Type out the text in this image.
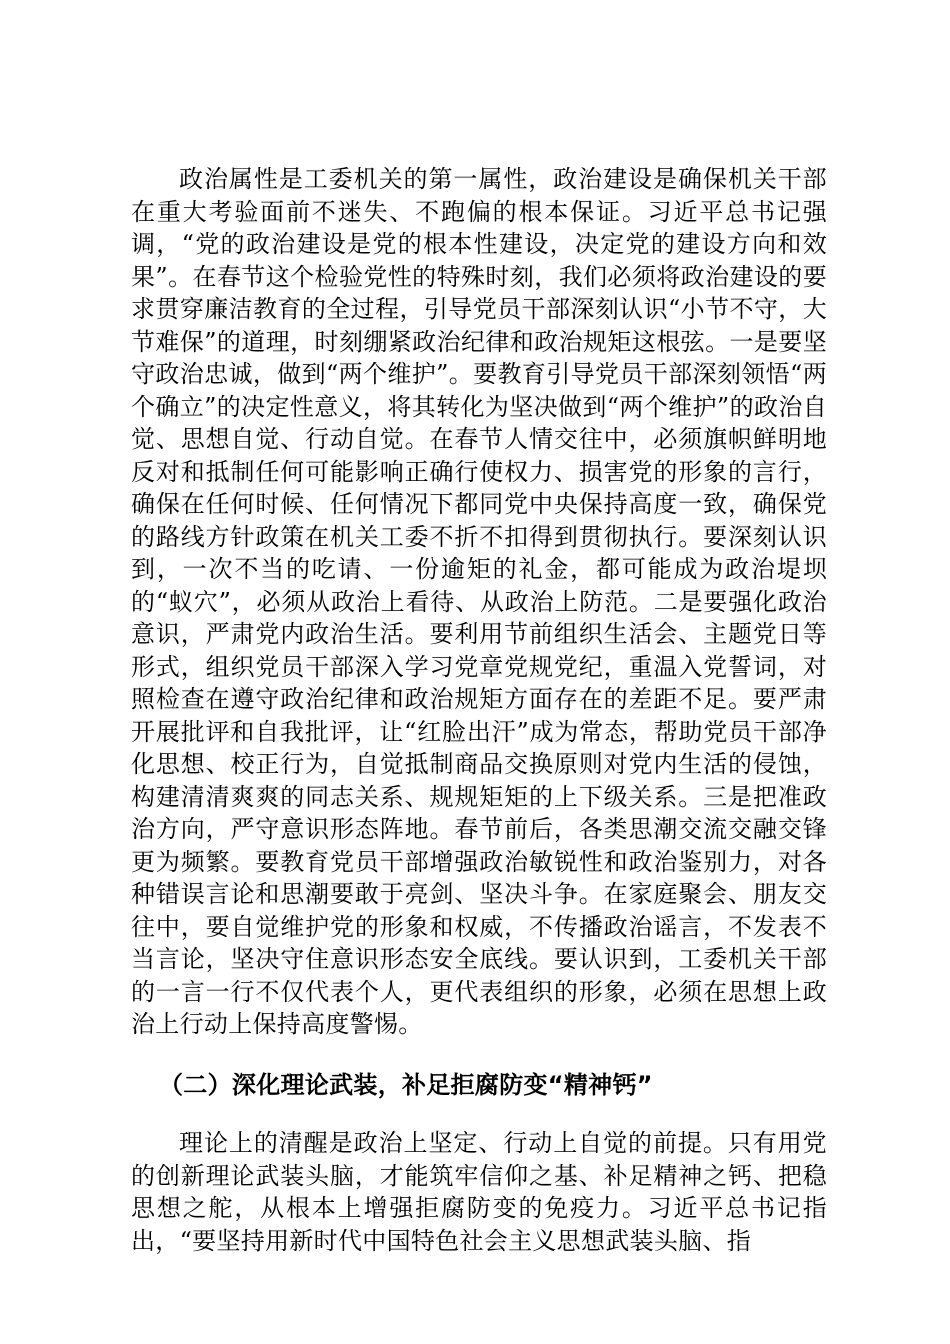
政治属性是工委机关的第一属性，政治建设是确保机关干部在重大考验面前不迷失、不跑偏的根本保证。习近平总书记强调，“党的政治建设是党的根本性建设，决定党的建设方向和效果”。在春节这个检验党性的特殊时刻，我们必须将政治建设的要求贯穿廉洁教育的全过程，引导党员干部深刻认识“小节不守，大节难保”的道理，时刻绷紧政治纪律和政治规矩这根弦。一是要坚守政治忠诚，做到“两个维护”。要教育引导党员干部深刻领悟“两个确立”的决定性意义，将其转化为坚决做到“两个维护”的政治自觉、思想自觉、行动自觉。在春节人情交往中，必须旗帜鲜明地反对和抵制任何可能影响正确行使权力、损害党的形象的言行，确保在任何时候、任何情况下都同党中央保持高度一致，确保党的路线方针政策在机关工委不折不扣得到贯彻执行。要深刻认识到，一次不当的吃请、一份逾矩的礼金，都可能成为政治堤坝的“蚁穴”，必须从政治上看待、从政治上防范。二是要强化政治意识，严肃党内政治生活。要利用节前组织生活会、主题党日等形式，组织党员干部深入学习党章党规党纪，重温入党誓词，对照检查在遵守政治纪律和政治规矩方面存在的差距不足。要严肃开展批评和自我批评，让“红脸出汗”成为常态，帮助党员干部净化思想、校正行为，自觉抵制商品交换原则对党内生活的侵蚀，构建清清爽爽的同志关系、规规矩矩的上下级关系。三是把准政治方向，严守意识形态阵地。春节前后，各类思潮交流交融交锋更为频繁。要教育党员干部增强政治敏锐性和政治鉴别力，对各种错误言论和思潮要敢于亮剑、坚决斗争。在家庭聚会、朋友交往中，要自觉维护党的形象和权威，不传播政治谣言，不发表不当言论，坚决守住意识形态安全底线。要认识到，工委机关干部的一言一行不仅代表个人，更代表组织的形象，必须在思想上政治上行动上保持高度警惕。

（二）深化理论武装，补足拒腐防变“精神钙”

理论上的清醒是政治上坚定、行动上自觉的前提。只有用党的创新理论武装头脑，才能筑牢信仰之基、补足精神之钙、把稳思想之舵，从根本上增强拒腐防变的免疫力。习近平总书记指出，“要坚持用新时代中国特色社会主义思想武装头脑、指
